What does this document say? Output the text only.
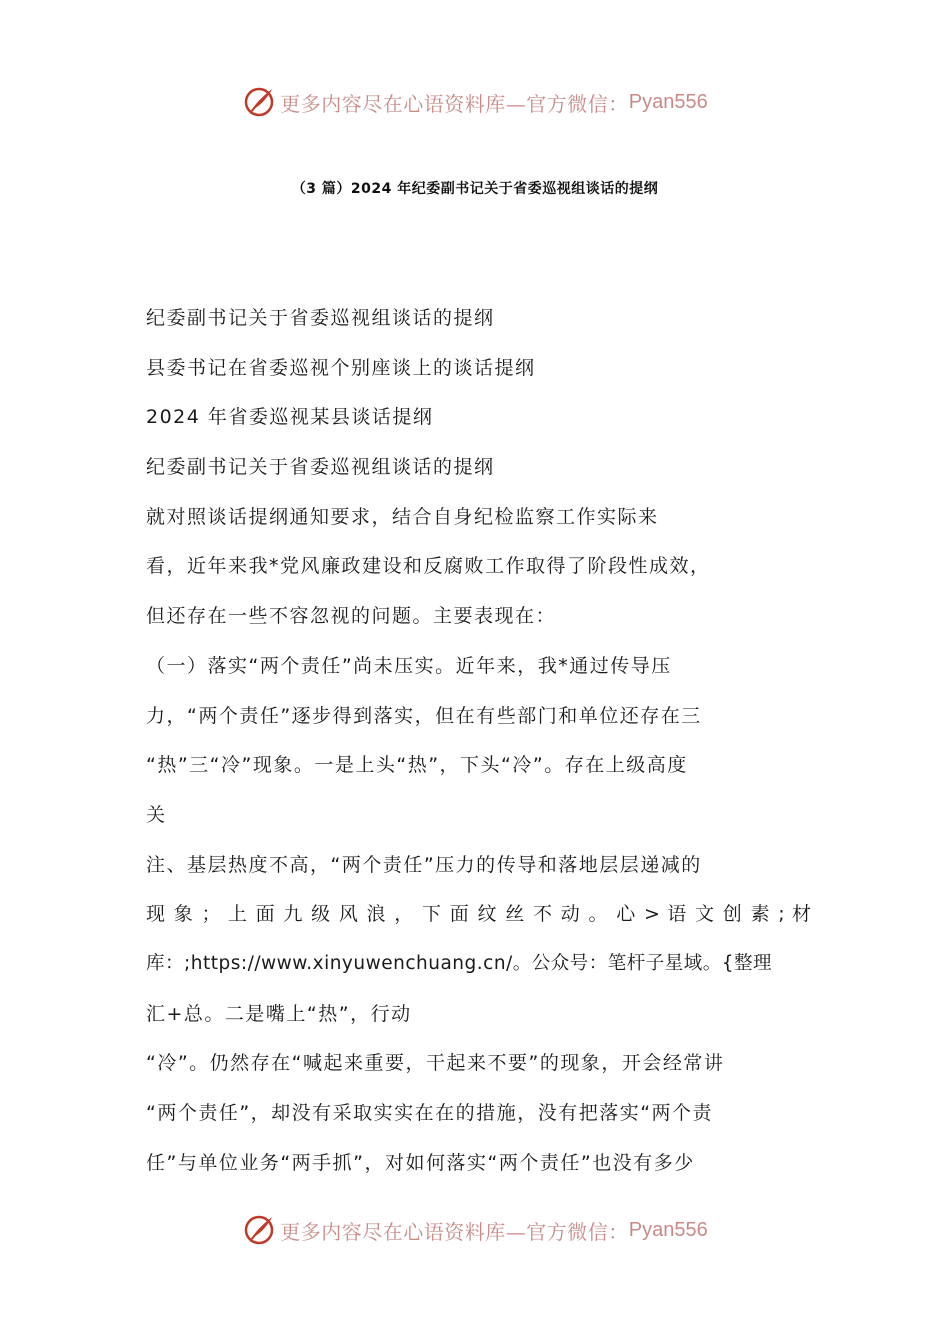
更多内容尽在心语资料库—官方微信： Pyan556
（3 篇）2024 年纪委副书记关于省委巡视组谈话的提纲
纪委副书记关于省委巡视组谈话的提纲
县委书记在省委巡视个别座谈上的谈话提纲
2024 年省委巡视某县谈话提纲
纪委副书记关于省委巡视组谈话的提纲
就对照谈话提纲通知要求，结合自身纪检监察工作实际来
看，近年来我*党风廉政建设和反腐败工作取得了阶段性成效，
但还存在一些不容忽视的问题。主要表现在：
（一）落实“两个责任”尚未压实。近年来，我*通过传导压
力，“两个责任”逐步得到落实，但在有些部门和单位还存在三
“热”三“冷”现象。一是上头“热”，下头“冷”。存在上级高度
关
注、基层热度不高，“两个责任”压力的传导和落地层层递减的
现 象 ； 上 面 九 级 风 浪 ， 下 面 纹 丝 不 动 。 心 > 语 文 创 素 ; 材
库：;https://www.xinyuwenchuang.cn/。公众号：笔杆子星域。{整理
汇+总。二是嘴上“热”，行动
“冷”。仍然存在“喊起来重要，干起来不要”的现象，开会经常讲
“两个责任”，却没有采取实实在在的措施，没有把落实“两个责
任”与单位业务“两手抓”，对如何落实“两个责任”也没有多少
更多内容尽在心语资料库—官方微信： Pyan556
